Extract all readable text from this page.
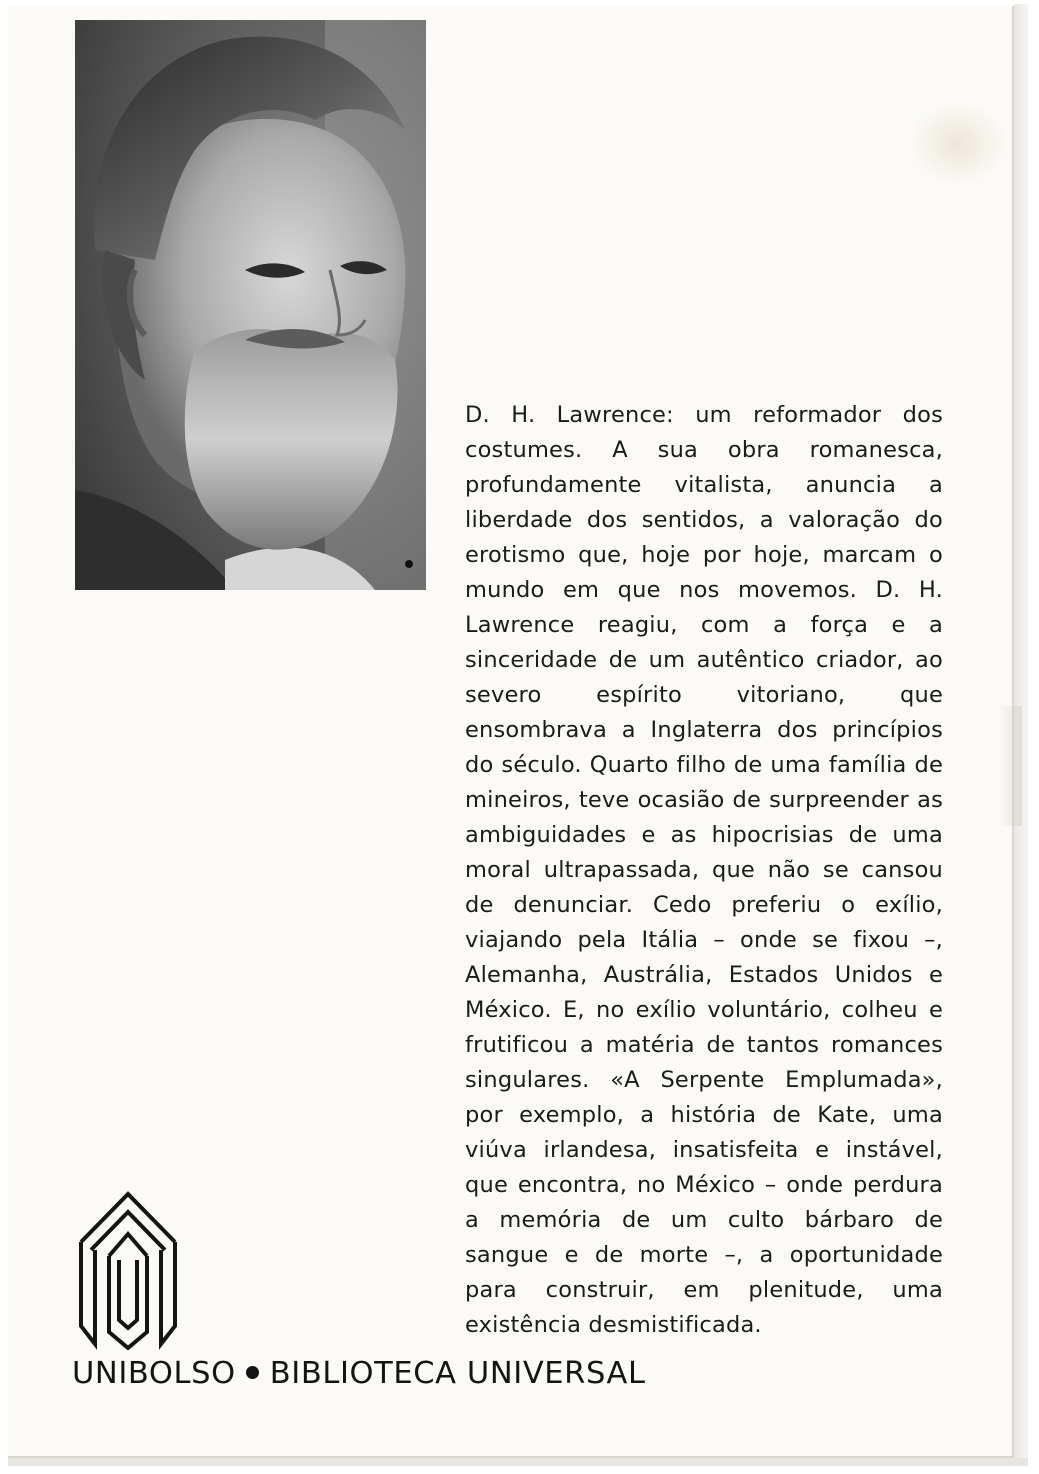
D. H. Lawrence: um reformador dos costumes. A sua obra romanesca, profundamente vitalista, anuncia a liberdade dos sentidos, a valoração do erotismo que, hoje por hoje, marcam o mundo em que nos movemos. D. H. Lawrence reagiu, com a força e a sinceridade de um autêntico criador, ao severo espírito vitoriano, que ensombrava a Inglaterra dos princípios do século. Quarto filho de uma família de mineiros, teve ocasião de surpreender as ambiguidades e as hipocrisias de uma moral ultrapassada, que não se cansou de denunciar. Cedo preferiu o exílio, viajando pela Itália – onde se fixou –, Alemanha, Austrália, Estados Unidos e México. E, no exílio voluntário, colheu e frutificou a matéria de tantos romances singulares. «A Serpente Emplumada», por exemplo, a história de Kate, uma viúva irlandesa, insatisfeita e instável, que encontra, no México – onde perdura a memória de um culto bárbaro de sangue e de morte –, a oportunidade para construir, em plenitude, uma existência desmistificada.
UNIBOLSO BIBLIOTECA UNIVERSAL
